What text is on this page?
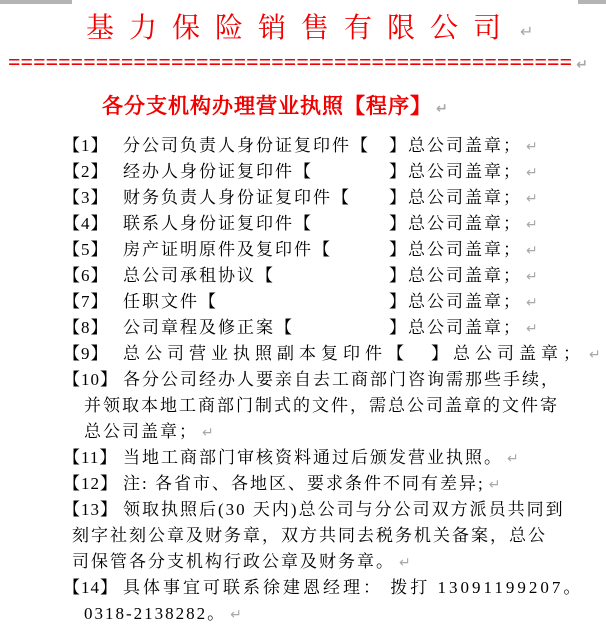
基力保险销售有限公司 ↵
============================================= ↵
各分支机构办理营业执照【程序】 ↵
【1】 分公司负责人身份证复印件【　】总公司盖章； ↵
【2】 经办人身份证复印件【　　　　】总公司盖章； ↵
【3】 财务负责人身份证复印件【　　】总公司盖章； ↵
【4】 联系人身份证复印件【　　　　】总公司盖章； ↵
【5】 房产证明原件及复印件【　　　】总公司盖章； ↵
【6】 总公司承租协议【　　　　　　】总公司盖章； ↵
【7】 任职文件【　　　　　　　　　】总公司盖章； ↵
【8】 公司章程及修正案【　　　　　】总公司盖章； ↵
【9】 总公司营业执照副本复印件【　】总公司盖章； ↵
【10】 各分公司经办人要亲自去工商部门咨询需那些手续，
并领取本地工商部门制式的文件，需总公司盖章的文件寄
总公司盖章； ↵
【11】 当地工商部门审核资料通过后颁发营业执照。 ↵
【12】 注: 各省市、各地区、要求条件不同有差异; ↵
【13】 领取执照后(30 天内)总公司与分公司双方派员共同到
刻字社刻公章及财务章，双方共同去税务机关备案，总公
司保管各分支机构行政公章及财务章。 ↵
【14】 具体事宜可联系徐建恩经理： 拨打 13091199207。
0318-2138282。 ↵
